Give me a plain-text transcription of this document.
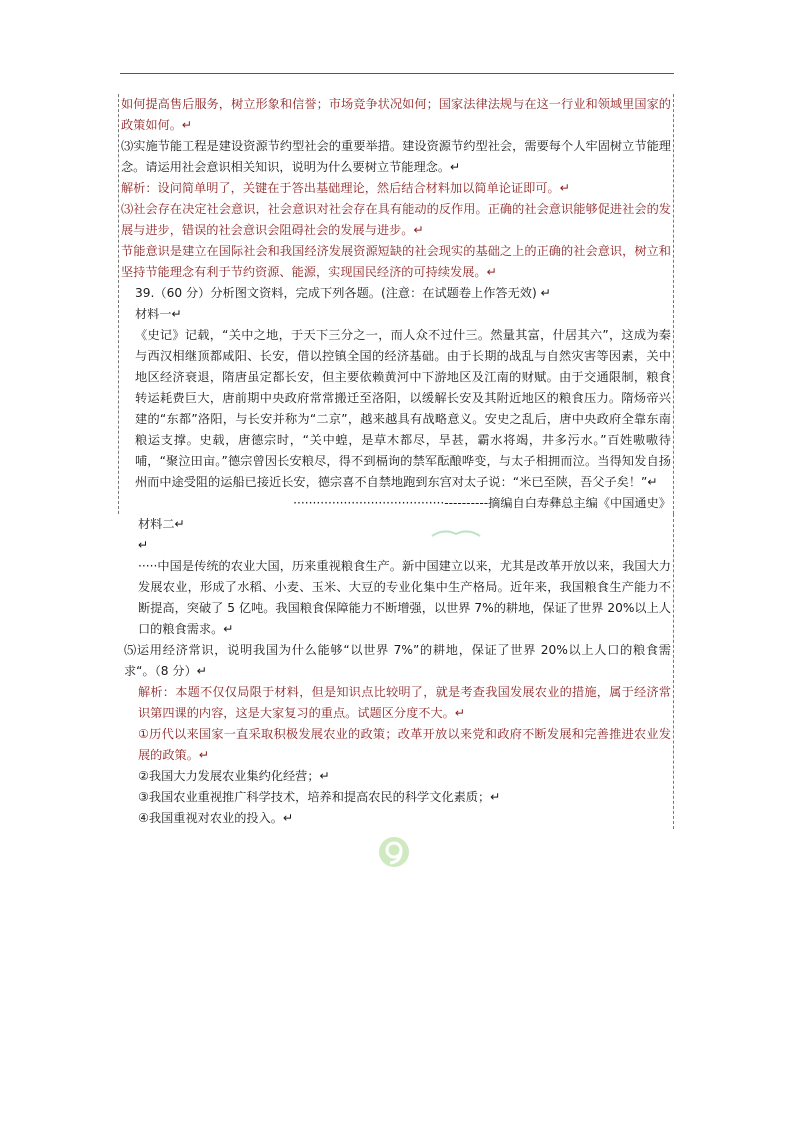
如何提高售后服务，树立形象和信誉；市场竞争状况如何；国家法律法规与在这一行业和领域里国家的政策如何。↵

⑶实施节能工程是建设资源节约型社会的重要举措。建设资源节约型社会，需要每个人牢固树立节能理念。请运用社会意识相关知识，说明为什么要树立节能理念。↵

解析：设问简单明了，关键在于答出基础理论，然后结合材料加以简单论证即可。↵

⑶社会存在决定社会意识，社会意识对社会存在具有能动的反作用。正确的社会意识能够促进社会的发展与进步，错误的社会意识会阻碍社会的发展与进步。↵

节能意识是建立在国际社会和我国经济发展资源短缺的社会现实的基础之上的正确的社会意识，树立和坚持节能理念有利于节约资源、能源，实现国民经济的可持续发展。↵

39.（60 分）分析图文资料，完成下列各题。(注意：在试题卷上作答无效) ↵

材料一↵

《史记》记载，“关中之地，于天下三分之一，而人众不过什三。然量其富，什居其六”，这成为秦与西汉相继顶都咸阳、长安，借以控镇全国的经济基础。由于长期的战乱与自然灾害等因素，关中地区经济衰退，隋唐虽定都长安，但主要依赖黄河中下游地区及江南的财赋。由于交通限制，粮食转运耗费巨大，唐前期中央政府常常搬迁至洛阳，以缓解长安及其附近地区的粮食压力。隋炀帝兴建的“东都”洛阳，与长安并称为“二京”，越来越具有战略意义。安史之乱后，唐中央政府全靠东南粮运支撑。史载，唐德宗时，“关中蝗，是草木都尽，旱甚，霸水将竭，井多污水。”百姓嗷嗷待哺，“聚泣田亩。”德宗曾因长安粮尽，得不到槅询的禁军酝酿哗变，与太子相拥而泣。当得知发自扬州而中途受阻的运船已接近长安，德宗喜不自禁地跑到东宫对太子说：“米已至陕，吾父子矣！”↵

·······································----------摘编自白寿彝总主编《中国通史》

材料二↵

↵

·····中国是传统的农业大国，历来重视粮食生产。新中国建立以来，尤其是改革开放以来，我国大力发展农业，形成了水稻、小麦、玉米、大豆的专业化集中生产格局。近年来，我国粮食生产能力不断提高，突破了 5 亿吨。我国粮食保障能力不断增强，以世界 7%的耕地，保证了世界 20%以上人口的粮食需求。↵

⑸运用经济常识，说明我国为什么能够“以世界 7%”的耕地，保证了世界 20%以上人口的粮食需求“。（8 分）↵

解析：本题不仅仅局限于材料，但是知识点比较明了，就是考查我国发展农业的措施，属于经济常识第四课的内容，这是大家复习的重点。试题区分度不大。↵

①历代以来国家一直采取积极发展农业的政策；改革开放以来党和政府不断发展和完善推进农业发展的政策。↵

②我国大力发展农业集约化经营；↵

③我国农业重视推广科学技术，培养和提高农民的科学文化素质；↵

④我国重视对农业的投入。↵
